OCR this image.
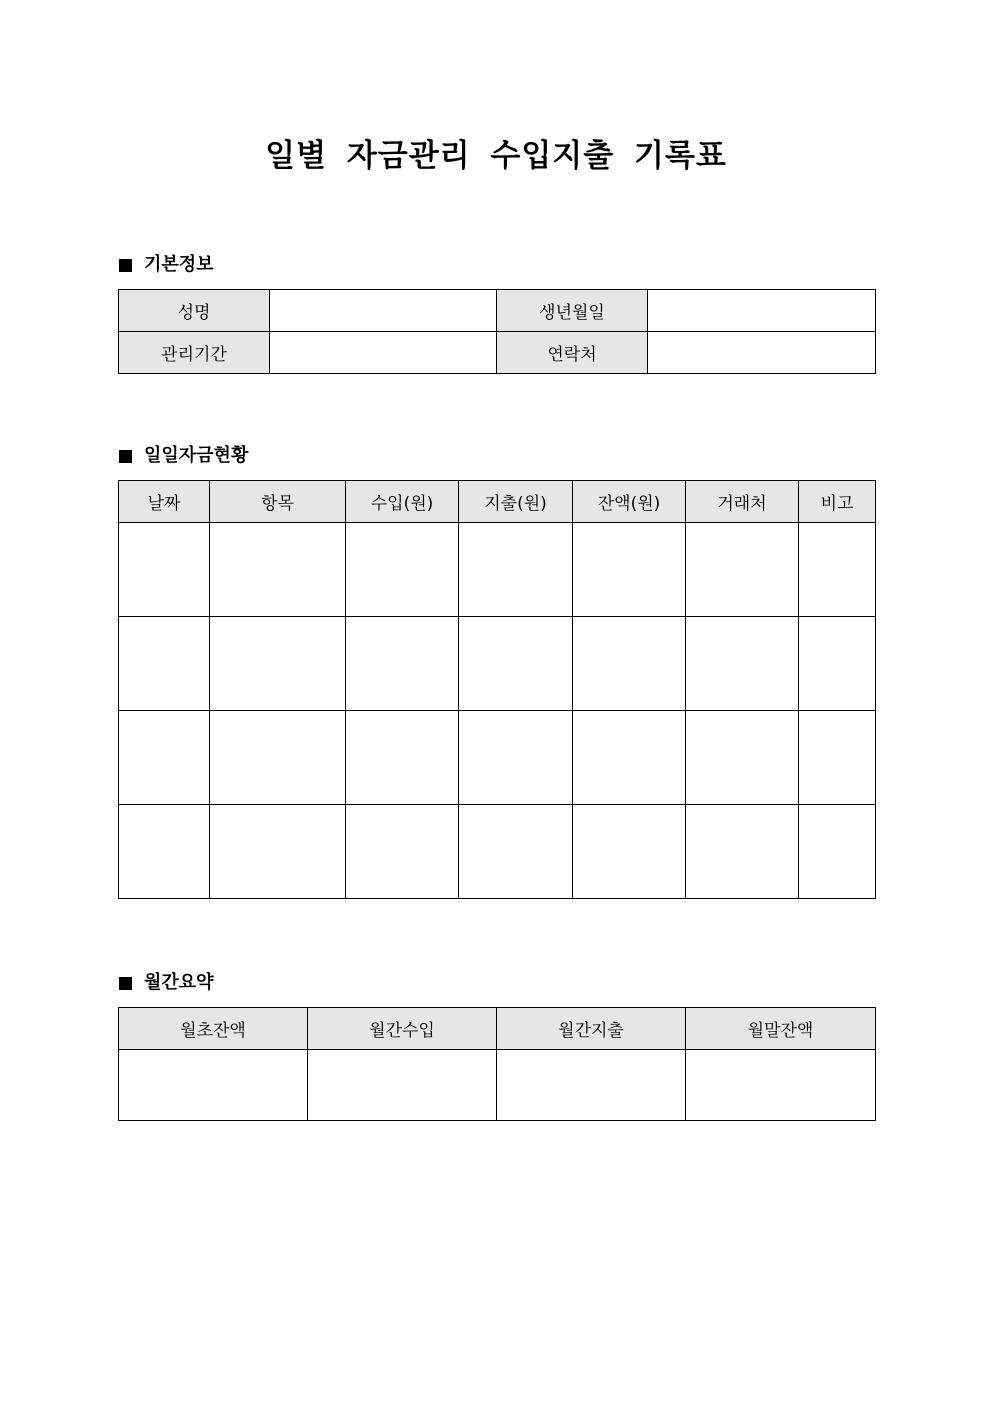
일별 자금관리 수입지출 기록표
기본정보
성명		생년월일	
관리기간		연락처	
일일자금현황
날짜	항목	수입(원)	지출(원)	잔액(원)	거래처	비고

월간요약
월초잔액	월간수입	월간지출	월말잔액
